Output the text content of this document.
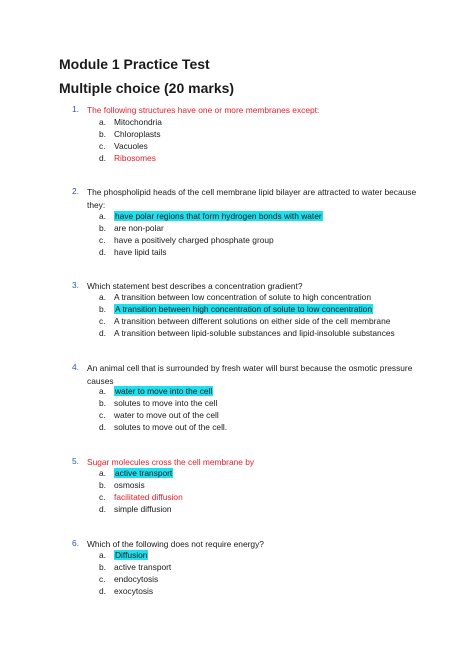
Module 1 Practice Test
Multiple choice (20 marks)
1. The following structures have one or more membranes except:
a. Mitochondria
b. Chloroplasts
c. Vacuoles
d. Ribosomes
2. The phospholipid heads of the cell membrane lipid bilayer are attracted to water because they:
a. have polar regions that form hydrogen bonds with water
b. are non-polar
c. have a positively charged phosphate group
d. have lipid tails
3. Which statement best describes a concentration gradient?
a. A transition between low concentration of solute to high concentration
b. A transition between high concentration of solute to low concentration
c. A transition between different solutions on either side of the cell membrane
d. A transition between lipid-soluble substances and lipid-insoluble substances
4. An animal cell that is surrounded by fresh water will burst because the osmotic pressure causes
a. water to move into the cell
b. solutes to move into the cell
c. water to move out of the cell
d. solutes to move out of the cell.
5. Sugar molecules cross the cell membrane by
a. active transport
b. osmosis
c. facilitated diffusion
d. simple diffusion
6. Which of the following does not require energy?
a. Diffusion
b. active transport
c. endocytosis
d. exocytosis
